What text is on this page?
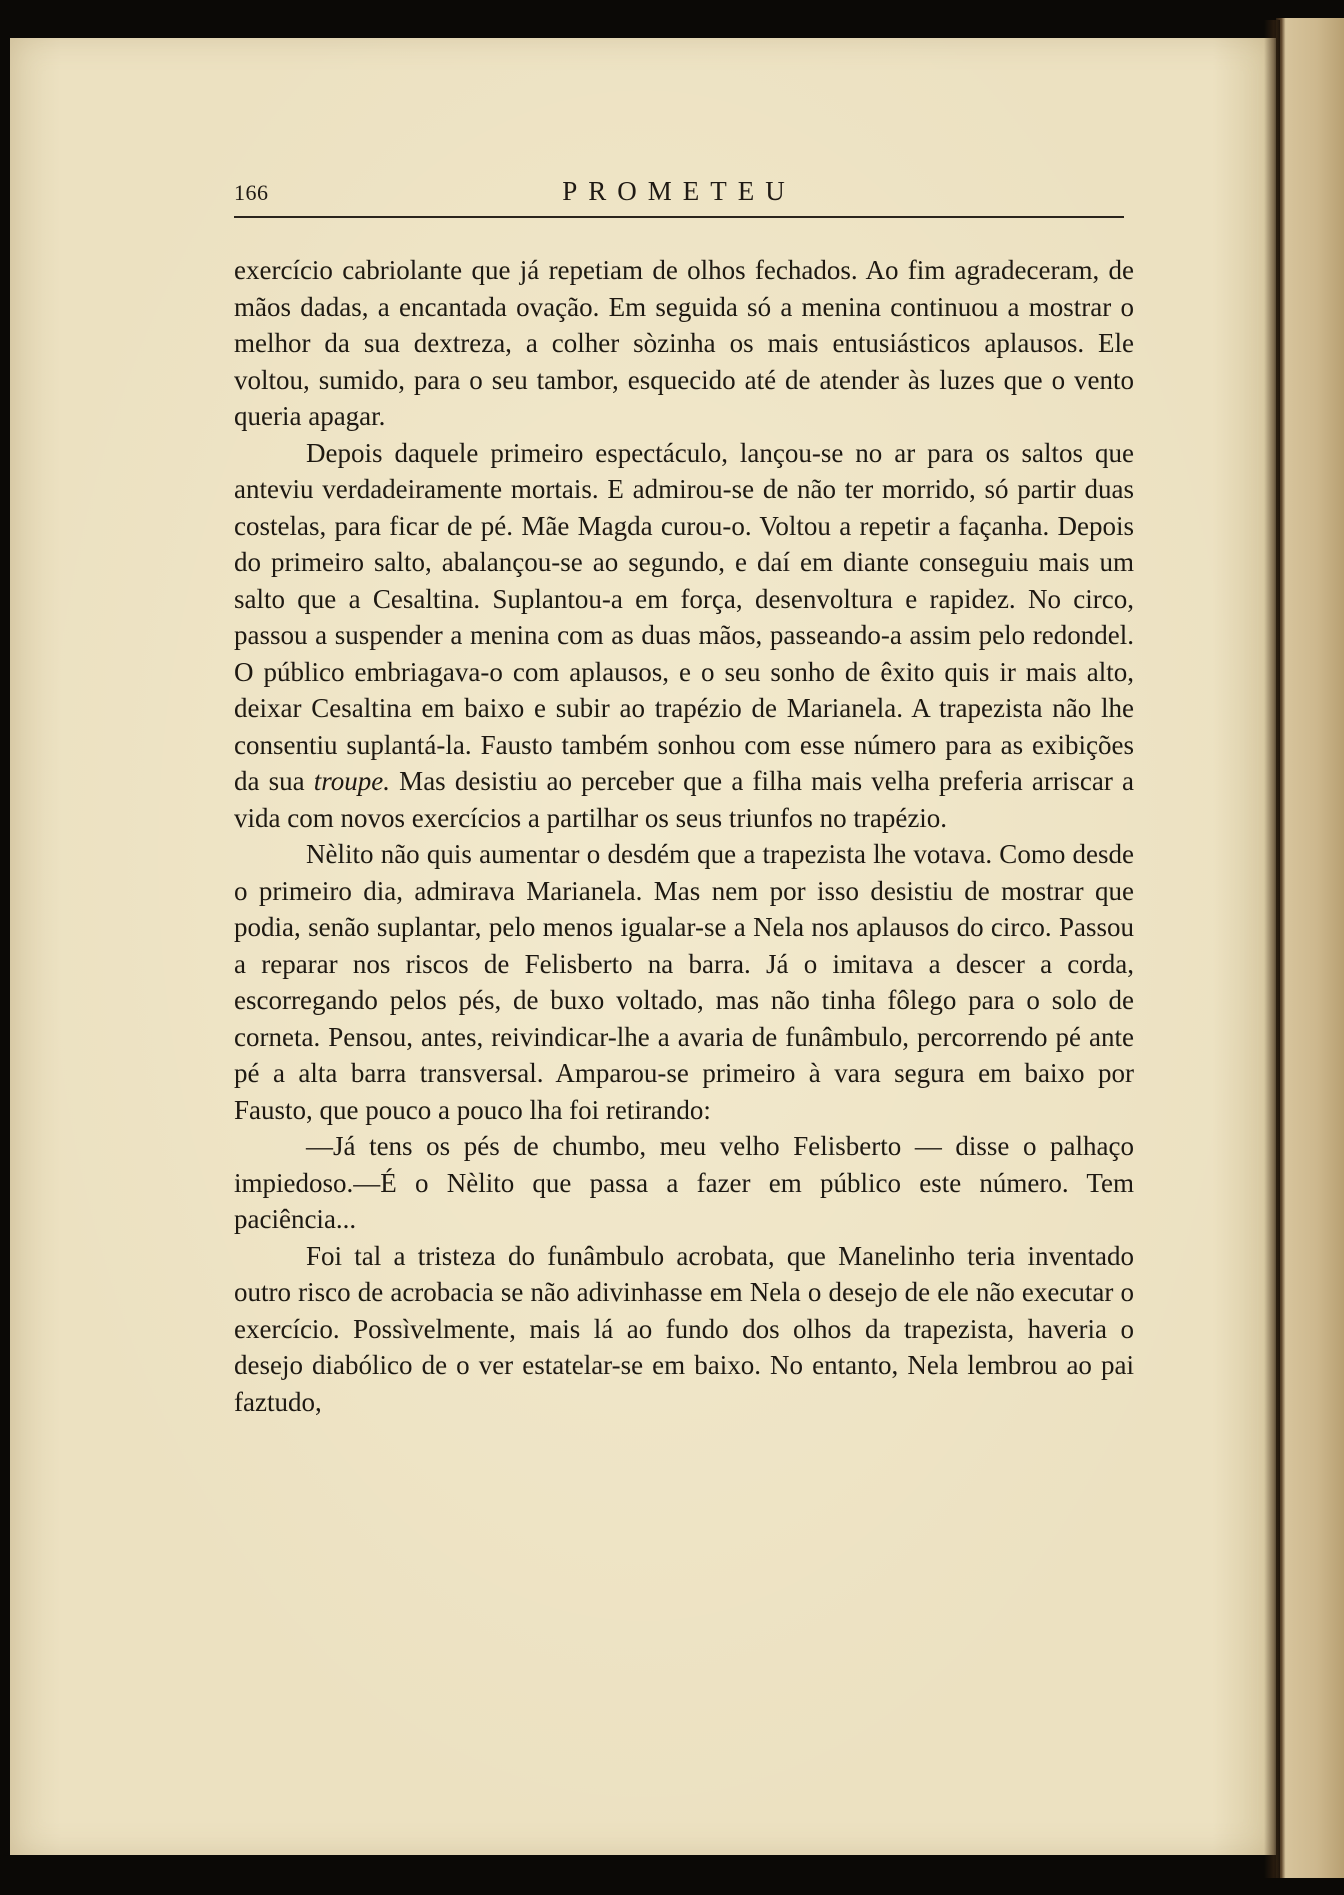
166	PROMETEU

exercício cabriolante que já repetiam de olhos fechados. Ao fim agradeceram, de mãos dadas, a encantada ovação. Em seguida só a menina continuou a mostrar o melhor da sua dextreza, a colher sòzinha os mais entusiásticos aplausos. Ele voltou, sumido, para o seu tambor, esquecido até de atender às luzes que o vento queria apagar.

Depois daquele primeiro espectáculo, lançou-se no ar para os saltos que anteviu verdadeiramente mortais. E admirou-se de não ter morrido, só partir duas costelas, para ficar de pé. Mãe Magda curou-o. Voltou a repetir a façanha. Depois do primeiro salto, abalançou-se ao segundo, e daí em diante conseguiu mais um salto que a Cesaltina. Suplantou-a em força, desenvoltura e rapidez. No circo, passou a suspender a menina com as duas mãos, passeando-a assim pelo redondel. O público embriagava-o com aplausos, e o seu sonho de êxito quis ir mais alto, deixar Cesaltina em baixo e subir ao trapézio de Marianela. A trapezista não lhe consentiu suplantá-la. Fausto também sonhou com esse número para as exibições da sua troupe. Mas desistiu ao perceber que a filha mais velha preferia arriscar a vida com novos exercícios a partilhar os seus triunfos no trapézio.

Nèlito não quis aumentar o desdém que a trapezista lhe votava. Como desde o primeiro dia, admirava Marianela. Mas nem por isso desistiu de mostrar que podia, senão suplantar, pelo menos igualar-se a Nela nos aplausos do circo. Passou a reparar nos riscos de Felisberto na barra. Já o imitava a descer a corda, escorregando pelos pés, de buxo voltado, mas não tinha fôlego para o solo de corneta. Pensou, antes, reivindicar-lhe a avaria de funâmbulo, percorrendo pé ante pé a alta barra transversal. Amparou-se primeiro à vara segura em baixo por Fausto, que pouco a pouco lha foi retirando:

—Já tens os pés de chumbo, meu velho Felisberto — disse o palhaço impiedoso.—É o Nèlito que passa a fazer em público este número. Tem paciência...

Foi tal a tristeza do funâmbulo acrobata, que Manelinho teria inventado outro risco de acrobacia se não adivinhasse em Nela o desejo de ele não executar o exercício. Possìvelmente, mais lá ao fundo dos olhos da trapezista, haveria o desejo diabólico de o ver estatelar-se em baixo. No entanto, Nela lembrou ao pai faztudo,
